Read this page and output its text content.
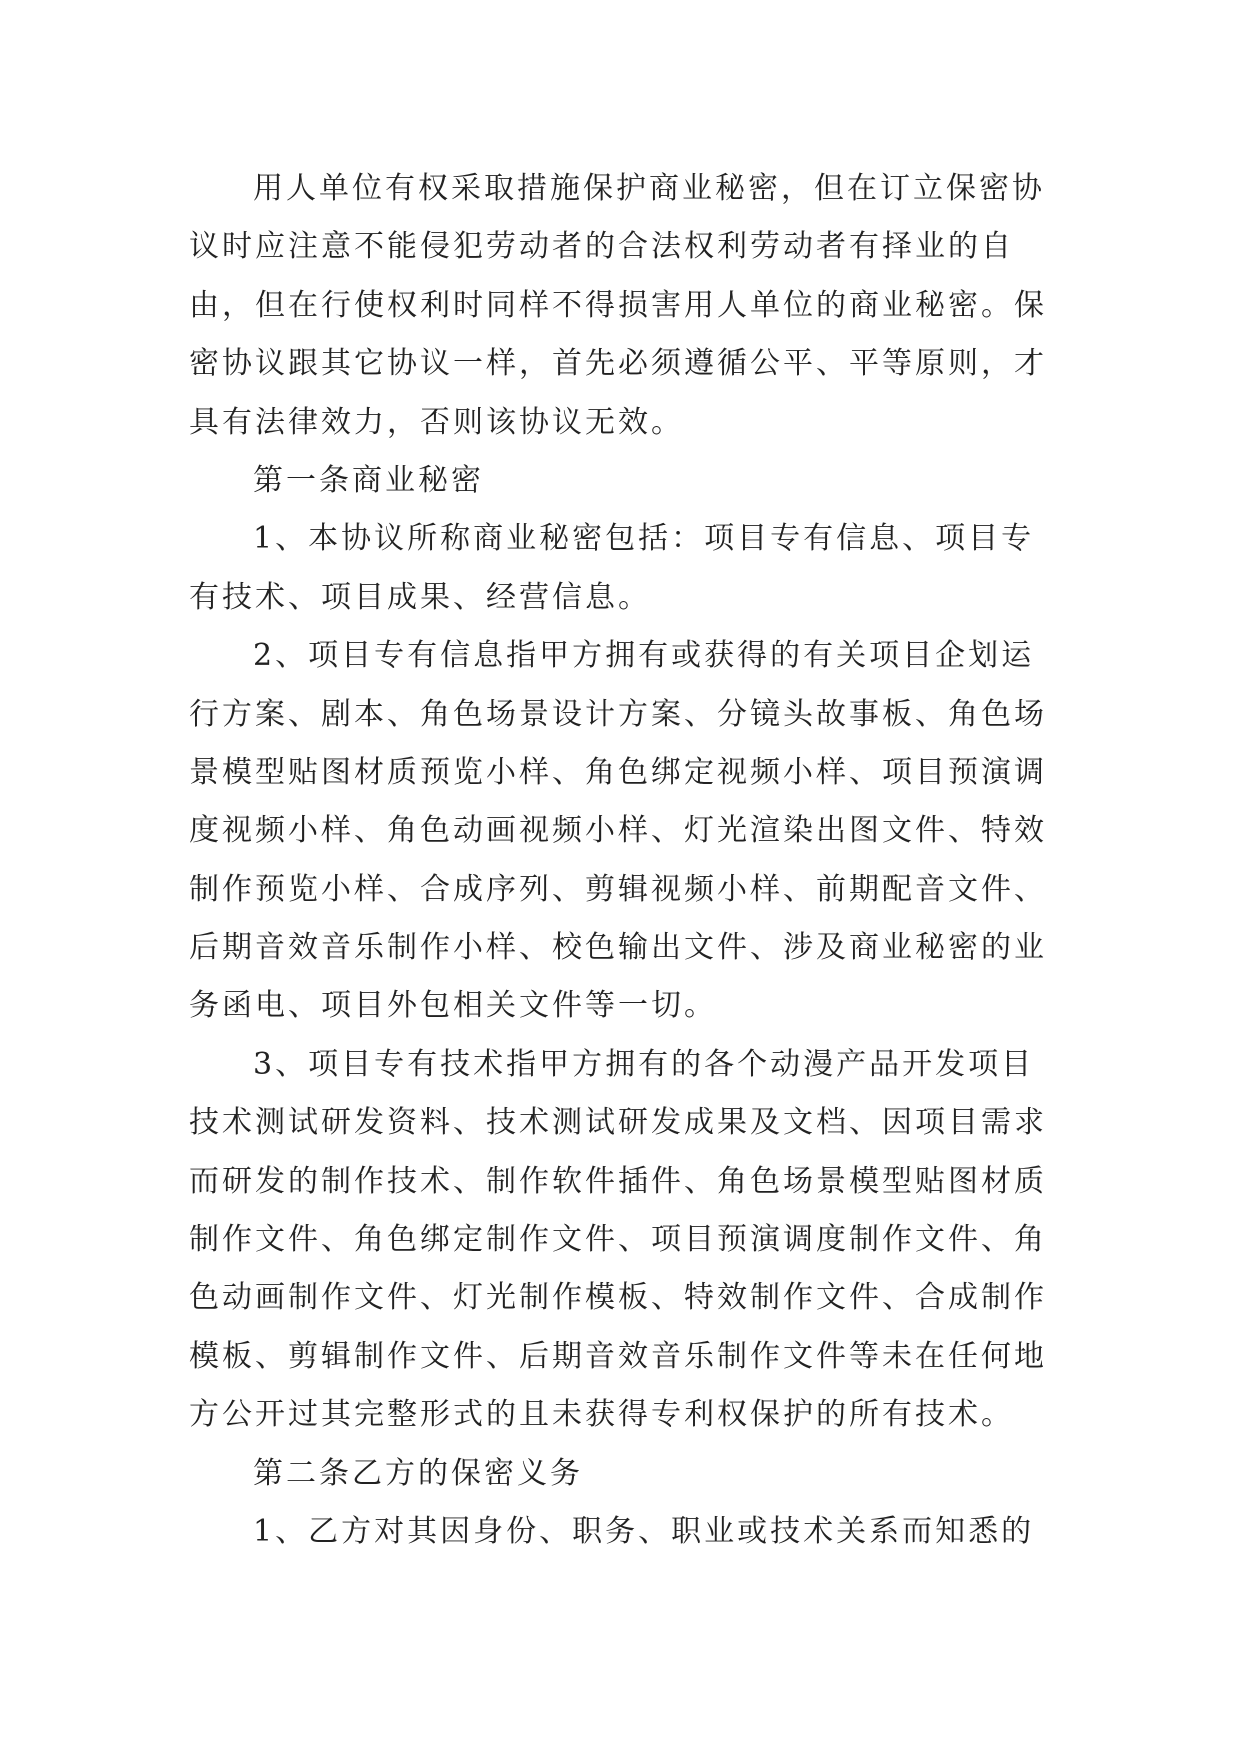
用人单位有权采取措施保护商业秘密，但在订立保密协
议时应注意不能侵犯劳动者的合法权利劳动者有择业的自
由，但在行使权利时同样不得损害用人单位的商业秘密。保
密协议跟其它协议一样，首先必须遵循公平、平等原则，才
具有法律效力，否则该协议无效。
第一条商业秘密
1、本协议所称商业秘密包括：项目专有信息、项目专
有技术、项目成果、经营信息。
2、项目专有信息指甲方拥有或获得的有关项目企划运
行方案、剧本、角色场景设计方案、分镜头故事板、角色场
景模型贴图材质预览小样、角色绑定视频小样、项目预演调
度视频小样、角色动画视频小样、灯光渲染出图文件、特效
制作预览小样、合成序列、剪辑视频小样、前期配音文件、
后期音效音乐制作小样、校色输出文件、涉及商业秘密的业
务函电、项目外包相关文件等一切。
3、项目专有技术指甲方拥有的各个动漫产品开发项目
技术测试研发资料、技术测试研发成果及文档、因项目需求
而研发的制作技术、制作软件插件、角色场景模型贴图材质
制作文件、角色绑定制作文件、项目预演调度制作文件、角
色动画制作文件、灯光制作模板、特效制作文件、合成制作
模板、剪辑制作文件、后期音效音乐制作文件等未在任何地
方公开过其完整形式的且未获得专利权保护的所有技术。
第二条乙方的保密义务
1、乙方对其因身份、职务、职业或技术关系而知悉的
